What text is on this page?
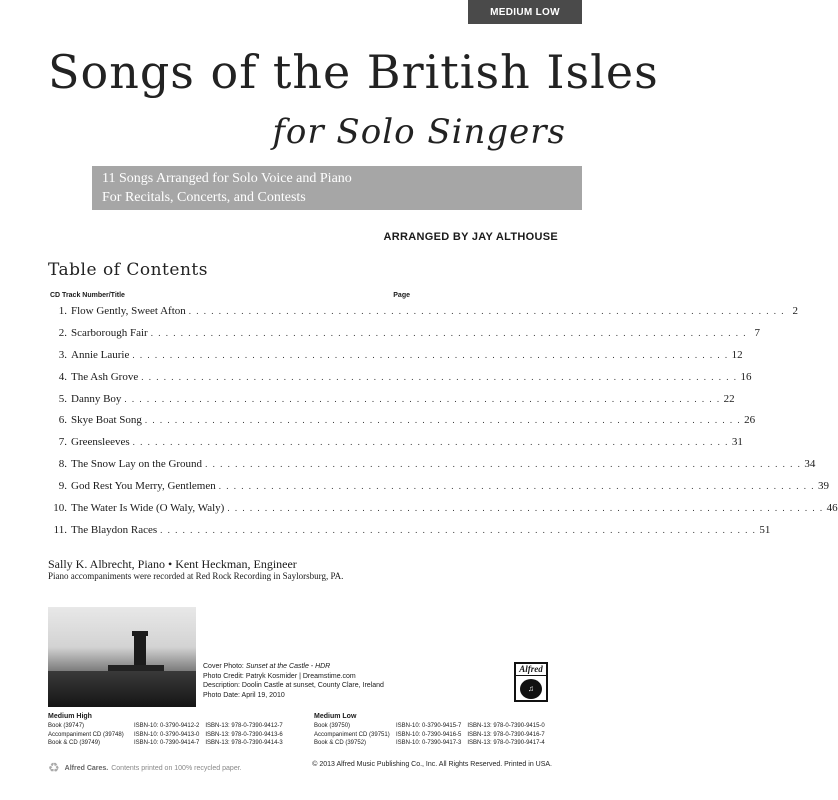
MEDIUM LOW
Songs of the British Isles
for Solo Singers
11 Songs Arranged for Solo Voice and Piano
For Recitals, Concerts, and Contests
ARRANGED BY JAY ALTHOUSE
Table of Contents
CD Track Number/Title	Page
1. Flow Gently, Sweet Afton . . . . . . . . . . . . . . . . . . . . . . . . . . . . . . . . . . . . . . . . . . . . . . . . . . . . . . . . . . . . . . . . . . . . . . . . . . . . . . . . 2
2. Scarborough Fair . . . . . . . . . . . . . . . . . . . . . . . . . . . . . . . . . . . . . . . . . . . . . . . . . . . . . . . . . . . . . . . . . . . . . . . . . . . . . . . . 7
3. Annie Laurie . . . . . . . . . . . . . . . . . . . . . . . . . . . . . . . . . . . . . . . . . . . . . . . . . . . . . . . . . . . . . . . . . . . . . . . . . . . . . . . . 12
4. The Ash Grove . . . . . . . . . . . . . . . . . . . . . . . . . . . . . . . . . . . . . . . . . . . . . . . . . . . . . . . . . . . . . . . . . . . . . . . . . . . . . . . . 16
5. Danny Boy . . . . . . . . . . . . . . . . . . . . . . . . . . . . . . . . . . . . . . . . . . . . . . . . . . . . . . . . . . . . . . . . . . . . . . . . . . . . . . . . 22
6. Skye Boat Song . . . . . . . . . . . . . . . . . . . . . . . . . . . . . . . . . . . . . . . . . . . . . . . . . . . . . . . . . . . . . . . . . . . . . . . . . . . . . . . . 26
7. Greensleeves . . . . . . . . . . . . . . . . . . . . . . . . . . . . . . . . . . . . . . . . . . . . . . . . . . . . . . . . . . . . . . . . . . . . . . . . . . . . . . . . 31
8. The Snow Lay on the Ground . . . . . . . . . . . . . . . . . . . . . . . . . . . . . . . . . . . . . . . . . . . . . . . . . . . . . . . . . . . . . . . . . . . . . . . . . . . . . . . . 34
9. God Rest You Merry, Gentlemen . . . . . . . . . . . . . . . . . . . . . . . . . . . . . . . . . . . . . . . . . . . . . . . . . . . . . . . . . . . . . . . . . . . . . . . . . . . . . . . . 39
10. The Water Is Wide (O Waly, Waly) . . . . . . . . . . . . . . . . . . . . . . . . . . . . . . . . . . . . . . . . . . . . . . . . . . . . . . . . . . . . . . . . . . . . . . . . . . . . . . . . 46
11. The Blaydon Races . . . . . . . . . . . . . . . . . . . . . . . . . . . . . . . . . . . . . . . . . . . . . . . . . . . . . . . . . . . . . . . . . . . . . . . . . . . . . . . . 51
Sally K. Albrecht, Piano • Kent Heckman, Engineer
Piano accompaniments were recorded at Red Rock Recording in Saylorsburg, PA.
Cover Photo: Sunset at the Castle - HDR
Photo Credit: Patryk Kosmider | Dreamstime.com
Description: Doolin Castle at sunset, County Clare, Ireland
Photo Date: April 19, 2010
Alfred
♫
Medium High
Book (39747)	ISBN-10: 0-3790-9412-2	ISBN-13: 978-0-7390-9412-7
Accompaniment CD (39748)	ISBN-10: 0-3790-9413-0	ISBN-13: 978-0-7390-9413-6
Book & CD (39749)	ISBN-10: 0-7390-9414-7	ISBN-13: 978-0-7390-9414-3
Medium Low
Book (39750)	ISBN-10: 0-3790-9415-7	ISBN-13: 978-0-7390-9415-0
Accompaniment CD (39751)	ISBN-10: 0-7390-9416-5	ISBN-13: 978-0-7390-9416-7
Book & CD (39752)	ISBN-10: 0-7390-9417-3	ISBN-13: 978-0-7390-9417-4
♻ Alfred Cares. Contents printed on 100% recycled paper.	© 2013 Alfred Music Publishing Co., Inc. All Rights Reserved. Printed in USA.
